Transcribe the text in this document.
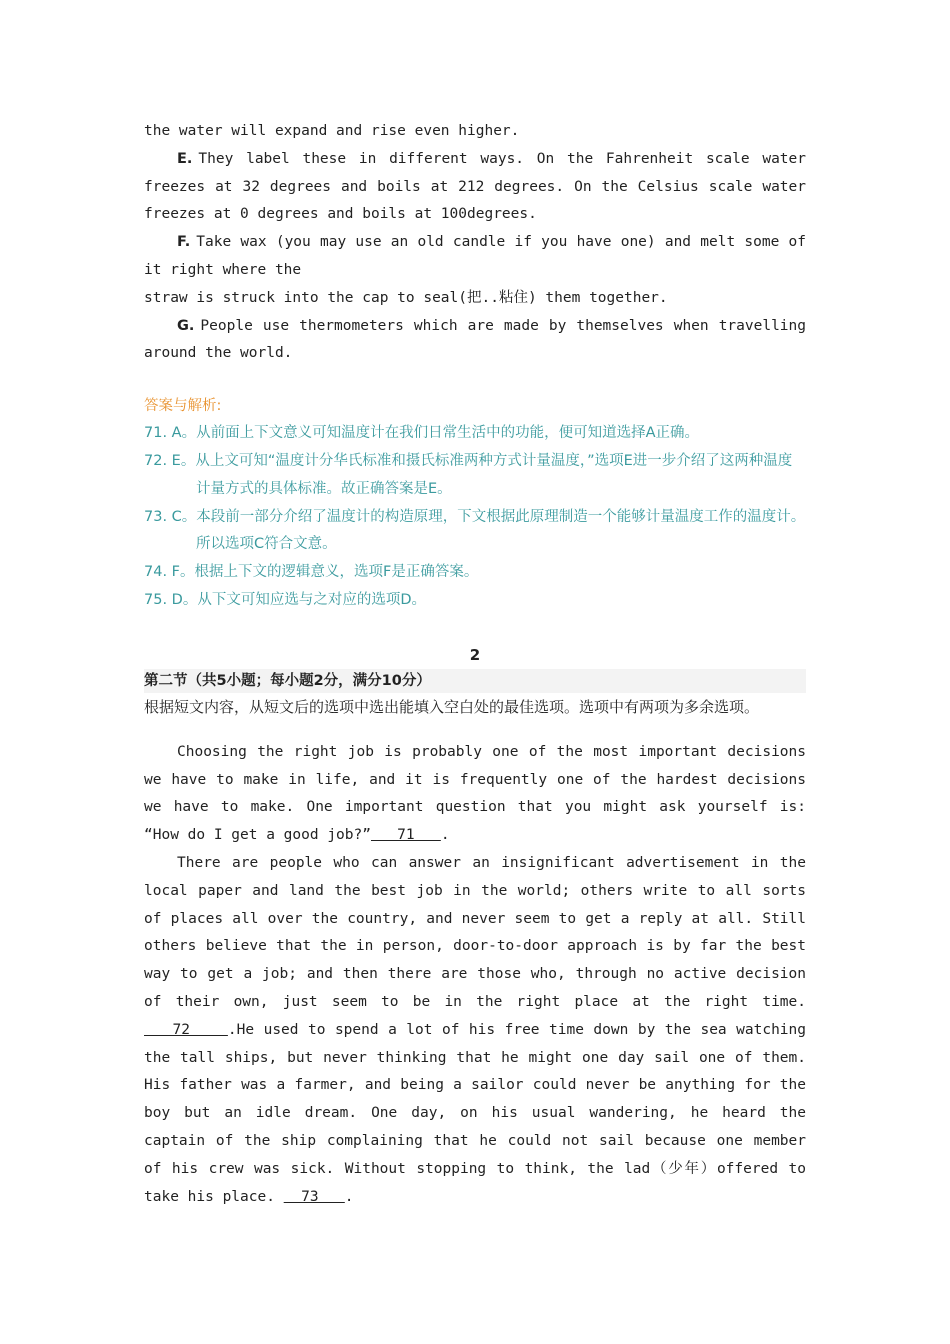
the water will expand and rise even higher.

E. They label these in different ways. On the Fahrenheit scale water freezes at 32 degrees and boils at 212 degrees. On the Celsius scale water freezes at 0 degrees and boils at 100degrees.

F. Take wax (you may use an old candle if you have one) and melt some of it right where the

straw is struck into the cap to seal(把..粘住) them together.

G. People use thermometers which are made by themselves when travelling around the world.

答案与解析:

71. A。从前面上下文意义可知温度计在我们日常生活中的功能，便可知道选择A正确。

72. E。从上文可知“温度计分华氏标准和摄氏标准两种方式计量温度，”选项E进一步介绍了这两种温度计量方式的具体标准。故正确答案是E。

73. C。本段前一部分介绍了温度计的构造原理，下文根据此原理制造一个能够计量温度工作的温度计。所以选项C符合文意。

74. F。根据上下文的逻辑意义，选项F是正确答案。

75. D。从下文可知应选与之对应的选项D。

2
第二节（共5小题；每小题2分，满分10分）

根据短文内容，从短文后的选项中选出能填入空白处的最佳选项。选项中有两项为多余选项。

Choosing the right job is probably one of the most important decisions we have to make in life, and it is frequently one of the hardest decisions we have to make. One important question that you might ask yourself is: “How do I get a good job?”   71   .

There are people who can answer an insignificant advertisement in the local paper and land the best job in the world; others write to all sorts of places all over the country, and never seem to get a reply at all. Still others believe that the in person, door-to-door approach is by far the best way to get a job; and then there are those who, through no active decision of their own, just seem to be in the right place at the right time.    72    .He used to spend a lot of his free time down by the sea watching the tall ships, but never thinking that he might one day sail one of them. His father was a farmer, and being a sailor could never be anything for the boy but an idle dream. One day, on his usual wandering, he heard the captain of the ship complaining that he could not sail because one member of his crew was sick. Without stopping to think, the lad（少年）offered to take his place.   73   .
